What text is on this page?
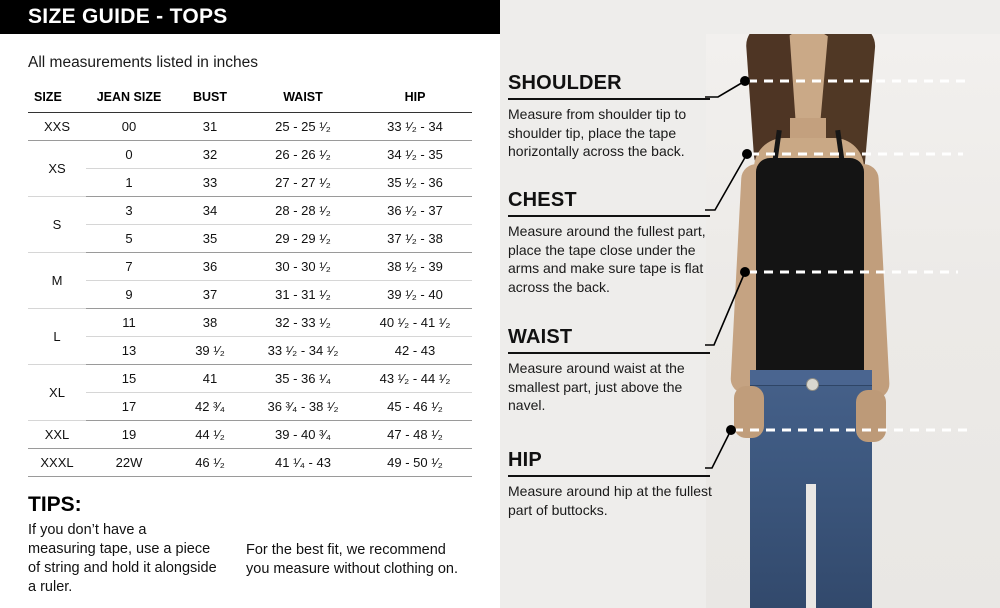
SIZE GUIDE - TOPS
All measurements listed in inches
SIZE	JEAN SIZE	BUST	WAIST	HIP
XXS	00	31	25 - 25 ¹⁄₂	33 ¹⁄₂ - 34
XS	0	32	26 - 26 ¹⁄₂	34 ¹⁄₂ - 35
	1	33	27 - 27 ¹⁄₂	35 ¹⁄₂ - 36
S	3	34	28 - 28 ¹⁄₂	36 ¹⁄₂ - 37
	5	35	29 - 29 ¹⁄₂	37 ¹⁄₂ - 38
M	7	36	30 - 30 ¹⁄₂	38 ¹⁄₂ - 39
	9	37	31 - 31 ¹⁄₂	39 ¹⁄₂ - 40
L	11	38	32 - 33 ¹⁄₂	40 ¹⁄₂ - 41 ¹⁄₂
	13	39 ¹⁄₂	33 ¹⁄₂ - 34 ¹⁄₂	42 - 43
XL	15	41	35 - 36 ¹⁄₄	43 ¹⁄₂ - 44 ¹⁄₂
	17	42 ³⁄₄	36 ³⁄₄ - 38 ¹⁄₂	45 - 46 ¹⁄₂
XXL	19	44 ¹⁄₂	39 - 40 ³⁄₄	47 - 48 ¹⁄₂
XXXL	22W	46 ¹⁄₂	41 ¹⁄₄ - 43	49 - 50 ¹⁄₂
TIPS:
If you don’t have a measuring tape, use a piece of string and hold it alongside a ruler.
For the best fit, we recommend you measure without clothing on.
SHOULDER
Measure from shoulder tip to shoulder tip, place the tape horizontally across the back.
CHEST
Measure around the fullest part, place the tape close under the arms and make sure tape is flat across the back.
WAIST
Measure around waist at the smallest part, just above the navel.
HIP
Measure around hip at the fullest part of buttocks.
